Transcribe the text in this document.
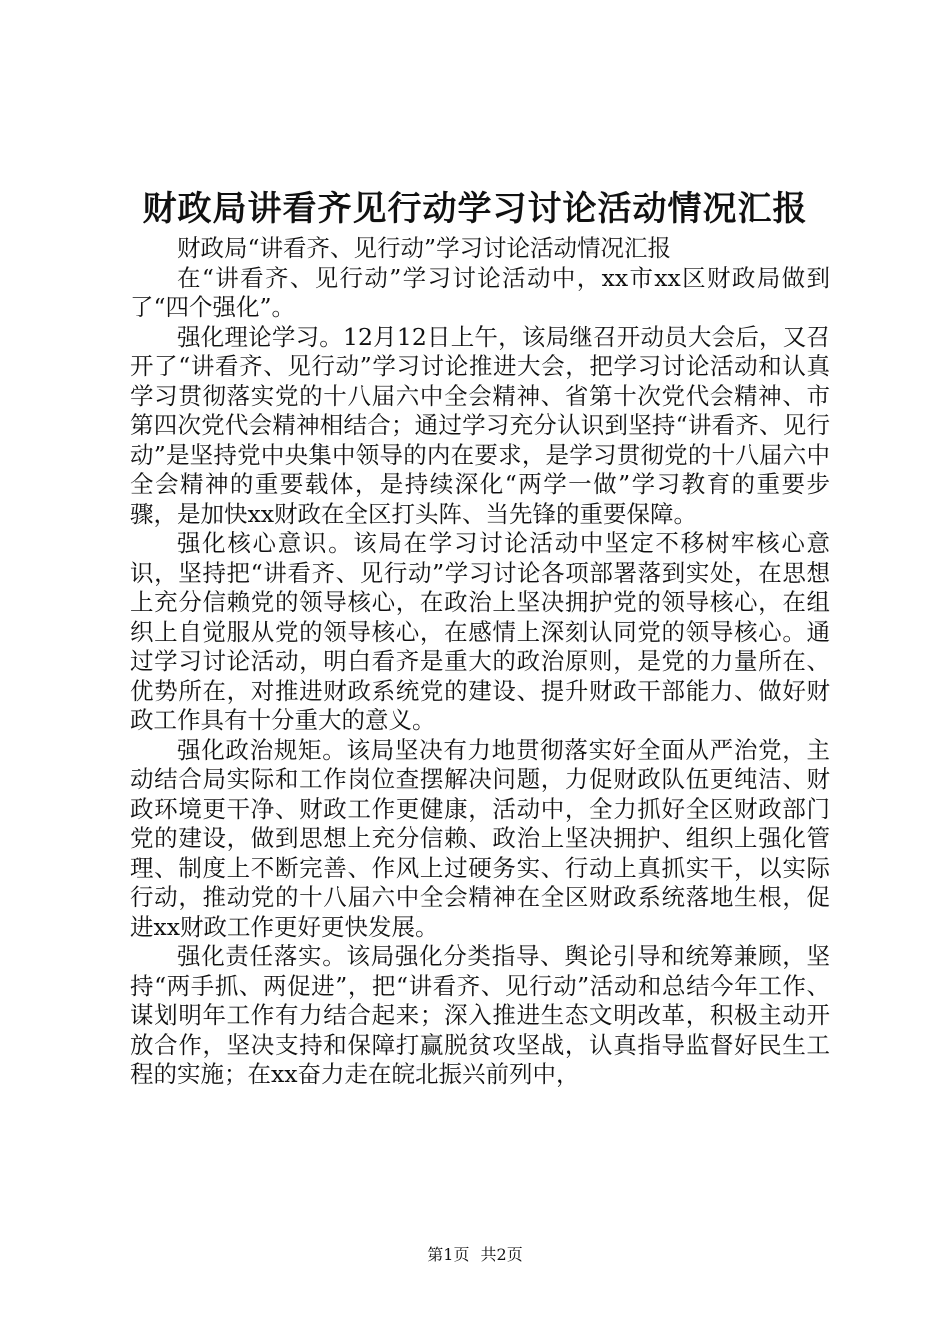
财政局讲看齐见行动学习讨论活动情况汇报

财政局“讲看齐、见行动”学习讨论活动情况汇报

在“讲看齐、见行动”学习讨论活动中，xx市xx区财政局做到了“四个强化”。

强化理论学习。12月12日上午，该局继召开动员大会后，又召开了“讲看齐、见行动”学习讨论推进大会，把学习讨论活动和认真学习贯彻落实党的十八届六中全会精神、省第十次党代会精神、市第四次党代会精神相结合；通过学习充分认识到坚持“讲看齐、见行动”是坚持党中央集中领导的内在要求，是学习贯彻党的十八届六中全会精神的重要载体，是持续深化“两学一做”学习教育的重要步骤，是加快xx财政在全区打头阵、当先锋的重要保障。

强化核心意识。该局在学习讨论活动中坚定不移树牢核心意识，坚持把“讲看齐、见行动”学习讨论各项部署落到实处，在思想上充分信赖党的领导核心，在政治上坚决拥护党的领导核心，在组织上自觉服从党的领导核心，在感情上深刻认同党的领导核心。通过学习讨论活动，明白看齐是重大的政治原则，是党的力量所在、优势所在，对推进财政系统党的建设、提升财政干部能力、做好财政工作具有十分重大的意义。

强化政治规矩。该局坚决有力地贯彻落实好全面从严治党，主动结合局实际和工作岗位查摆解决问题，力促财政队伍更纯洁、财政环境更干净、财政工作更健康，活动中，全力抓好全区财政部门党的建设，做到思想上充分信赖、政治上坚决拥护、组织上强化管理、制度上不断完善、作风上过硬务实、行动上真抓实干，以实际行动，推动党的十八届六中全会精神在全区财政系统落地生根，促进xx财政工作更好更快发展。

强化责任落实。该局强化分类指导、舆论引导和统筹兼顾，坚持“两手抓、两促进”，把“讲看齐、见行动”活动和总结今年工作、谋划明年工作有力结合起来；深入推进生态文明改革，积极主动开放合作，坚决支持和保障打赢脱贫攻坚战，认真指导监督好民生工程的实施；在xx奋力走在皖北振兴前列中，

第1页 共2页
